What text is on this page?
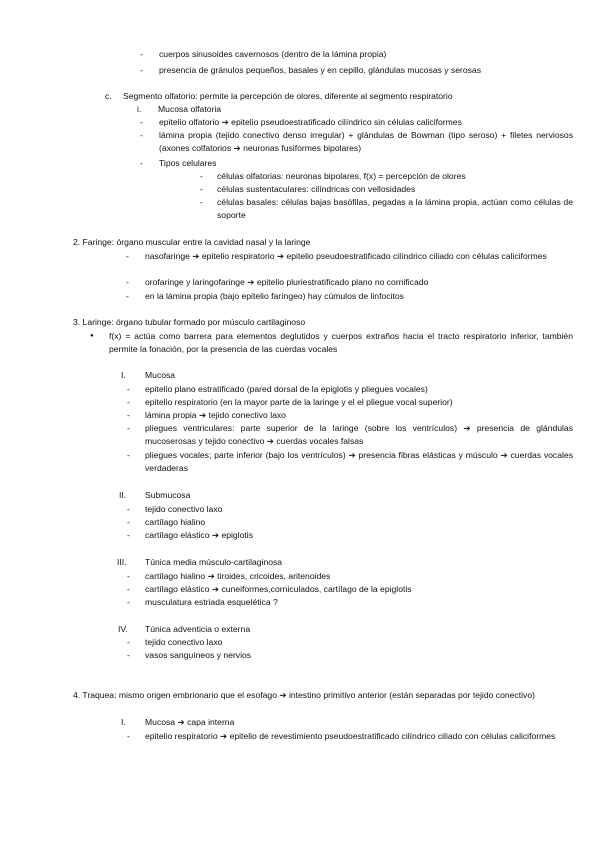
- cuerpos sinusoides cavernosos (dentro de la lámina propia)
- presencia de gránulos pequeños, basales y en cepillo. glándulas mucosas y serosas
c. Segmento olfatorio: permite la percepción de olores, diferente al segmento respiratorio
i. Mucosa olfatoria
- epitelio olfatorio ➔ epitelio pseudoestratificado cilíndrico sin células caliciformes
- lámina propia (tejido conectivo denso irregular) + glándulas de Bowman (tipo seroso) + filetes nerviosos (axones colfatorios ➔ neuronas fusiformes bipolares)
- Tipos celulares
- células olfatorias: neuronas bipolares, f(x) = percepción de olores
- células sustentaculares: cilíndricas con vellosidades
- células basales: células bajas basófilas, pegadas a la lámina propia, actúan como células de soporte
2. Faringe: órgano muscular entre la cavidad nasal y la laringe
- nasofaringe ➔ epitelio respiratorio ➔ epitelio pseudoestratificado cilíndrico ciliado con células caliciformes
- orofaringe y laringofaringe ➔ epitelio pluriestratificado plano no cornificado
- en la lámina propia (bajo epitelio faríngeo) hay cúmulos de linfocitos
3. Laringe: órgano tubular formado por músculo cartilaginoso
● f(x) = actúa como barrera para elementos deglutidos y cuerpos extraños hacia el tracto respiratorio inferior, también permite la fonación, por la presencia de las cuerdas vocales
I. Mucosa
- epitelio plano estratificado (pared dorsal de la epiglotis y pliegues vocales)
- epitelio respiratorio (en la mayor parte de la laringe y el el pliegue vocal superior)
- lámina propia ➔ tejido conectivo laxo
- pliegues ventriculares: parte superior de la laringe (sobre los ventrículos) ➔ presencia de glándulas mucoserosas y tejido conectivo ➔ cuerdas vocales falsas
- pliegues vocales; parte inferior (bajo los ventrículos) ➔ presencia fibras elásticas y músculo ➔ cuerdas vocales verdaderas
II. Submucosa
- tejido conectivo laxo
- cartílago hialino
- cartílago elástico ➔ epiglotis
III. Túnica media músculo-cartilaginosa
- cartílago hialino ➔ tiroides, cricoides, aritenoides
- cartílago elástico ➔ cuneiformes,corniculados, cartílago de la epiglotis
- musculatura estriada esquelética ?
IV. Túnica adventicia o externa
- tejido conectivo laxo
- vasos sanguíneos y nervios
4. Traquea: mismo origen embrionario que el esofago ➔ intestino primitivo anterior (están separadas por tejido conectivo)
I. Mucosa ➔ capa interna
- epitelio respiratorio ➔ epitelio de revestimiento pseudoestratificado cilíndrico ciliado con células caliciformes
